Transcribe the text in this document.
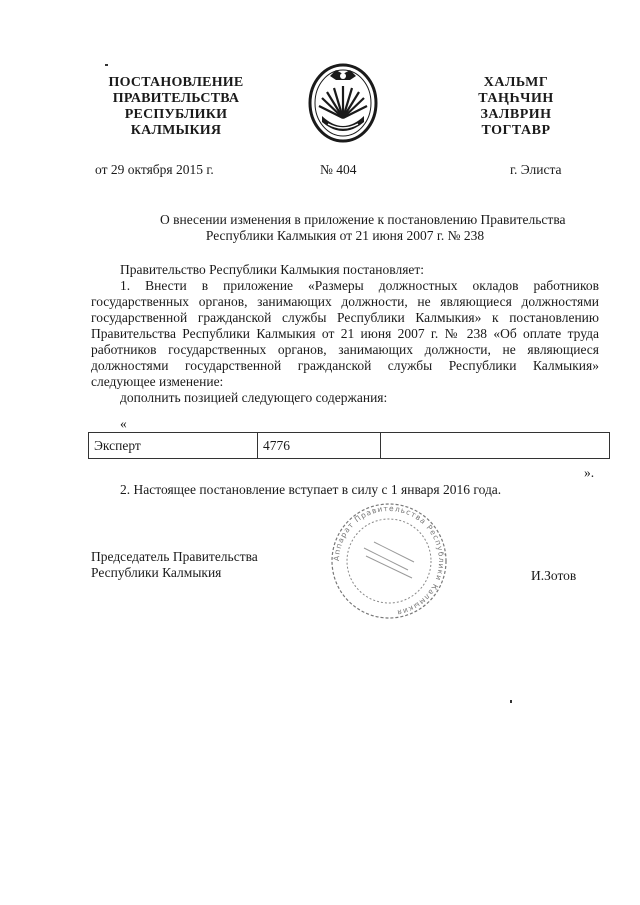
ПОСТАНОВЛЕНИЕ
ПРАВИТЕЛЬСТВА
РЕСПУБЛИКИ
КАЛМЫКИЯ
ХАЛЬМГ
ТАҢҺЧИН
ЗАЛВРИН
ТОГТАВР
от 29 октября 2015 г.	№ 404	г. Элиста
О внесении изменения в приложение к постановлению Правительства
Республики Калмыкия от 21 июня 2007 г. № 238

Правительство Республики Калмыкия постановляет:

1. Внести в приложение «Размеры должностных окладов работников государственных органов, занимающих должности, не являющиеся должностями государственной гражданской службы Республики Калмыкия» к постановлению Правительства Республики Калмыкия от 21 июня 2007 г. № 238 «Об оплате труда работников государственных органов, занимающих должности, не являющиеся должностями государственной гражданской службы Республики Калмыкия» следующее изменение:

дополнить позицией следующего содержания:

«
Эксперт	4776	
».
2. Настоящее постановление вступает в силу с 1 января 2016 года.
Председатель Правительства
Республики Калмыкия	И.Зотов
Аппарат Правительства Республики Калмыкия
